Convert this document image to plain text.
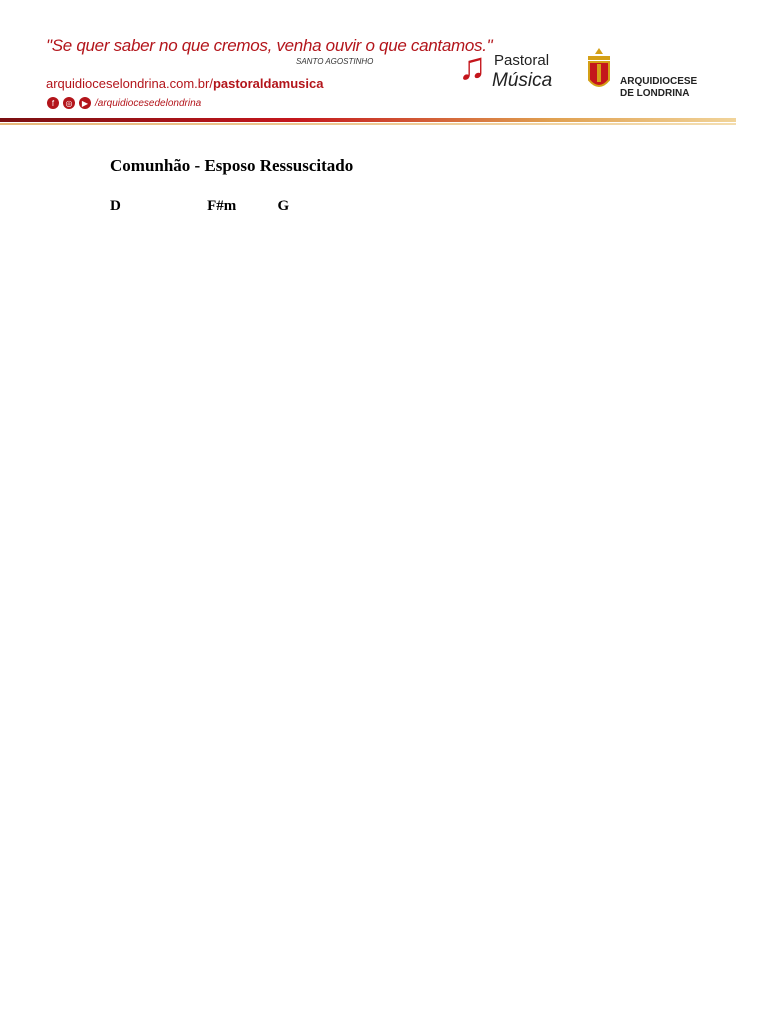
"Se quer saber no que cremos, venha ouvir o que cantamos."
SANTO AGOSTINHO
arquidioceselondrina.com.br/pastoraldamusica
f	◎	▶ /arquidiocesedelondrina
♫ Pastoral
Música	ARQUIDIOCESE
DE LONDRINA
Comunhão - Esposo Ressuscitado
D                       F#m           G
